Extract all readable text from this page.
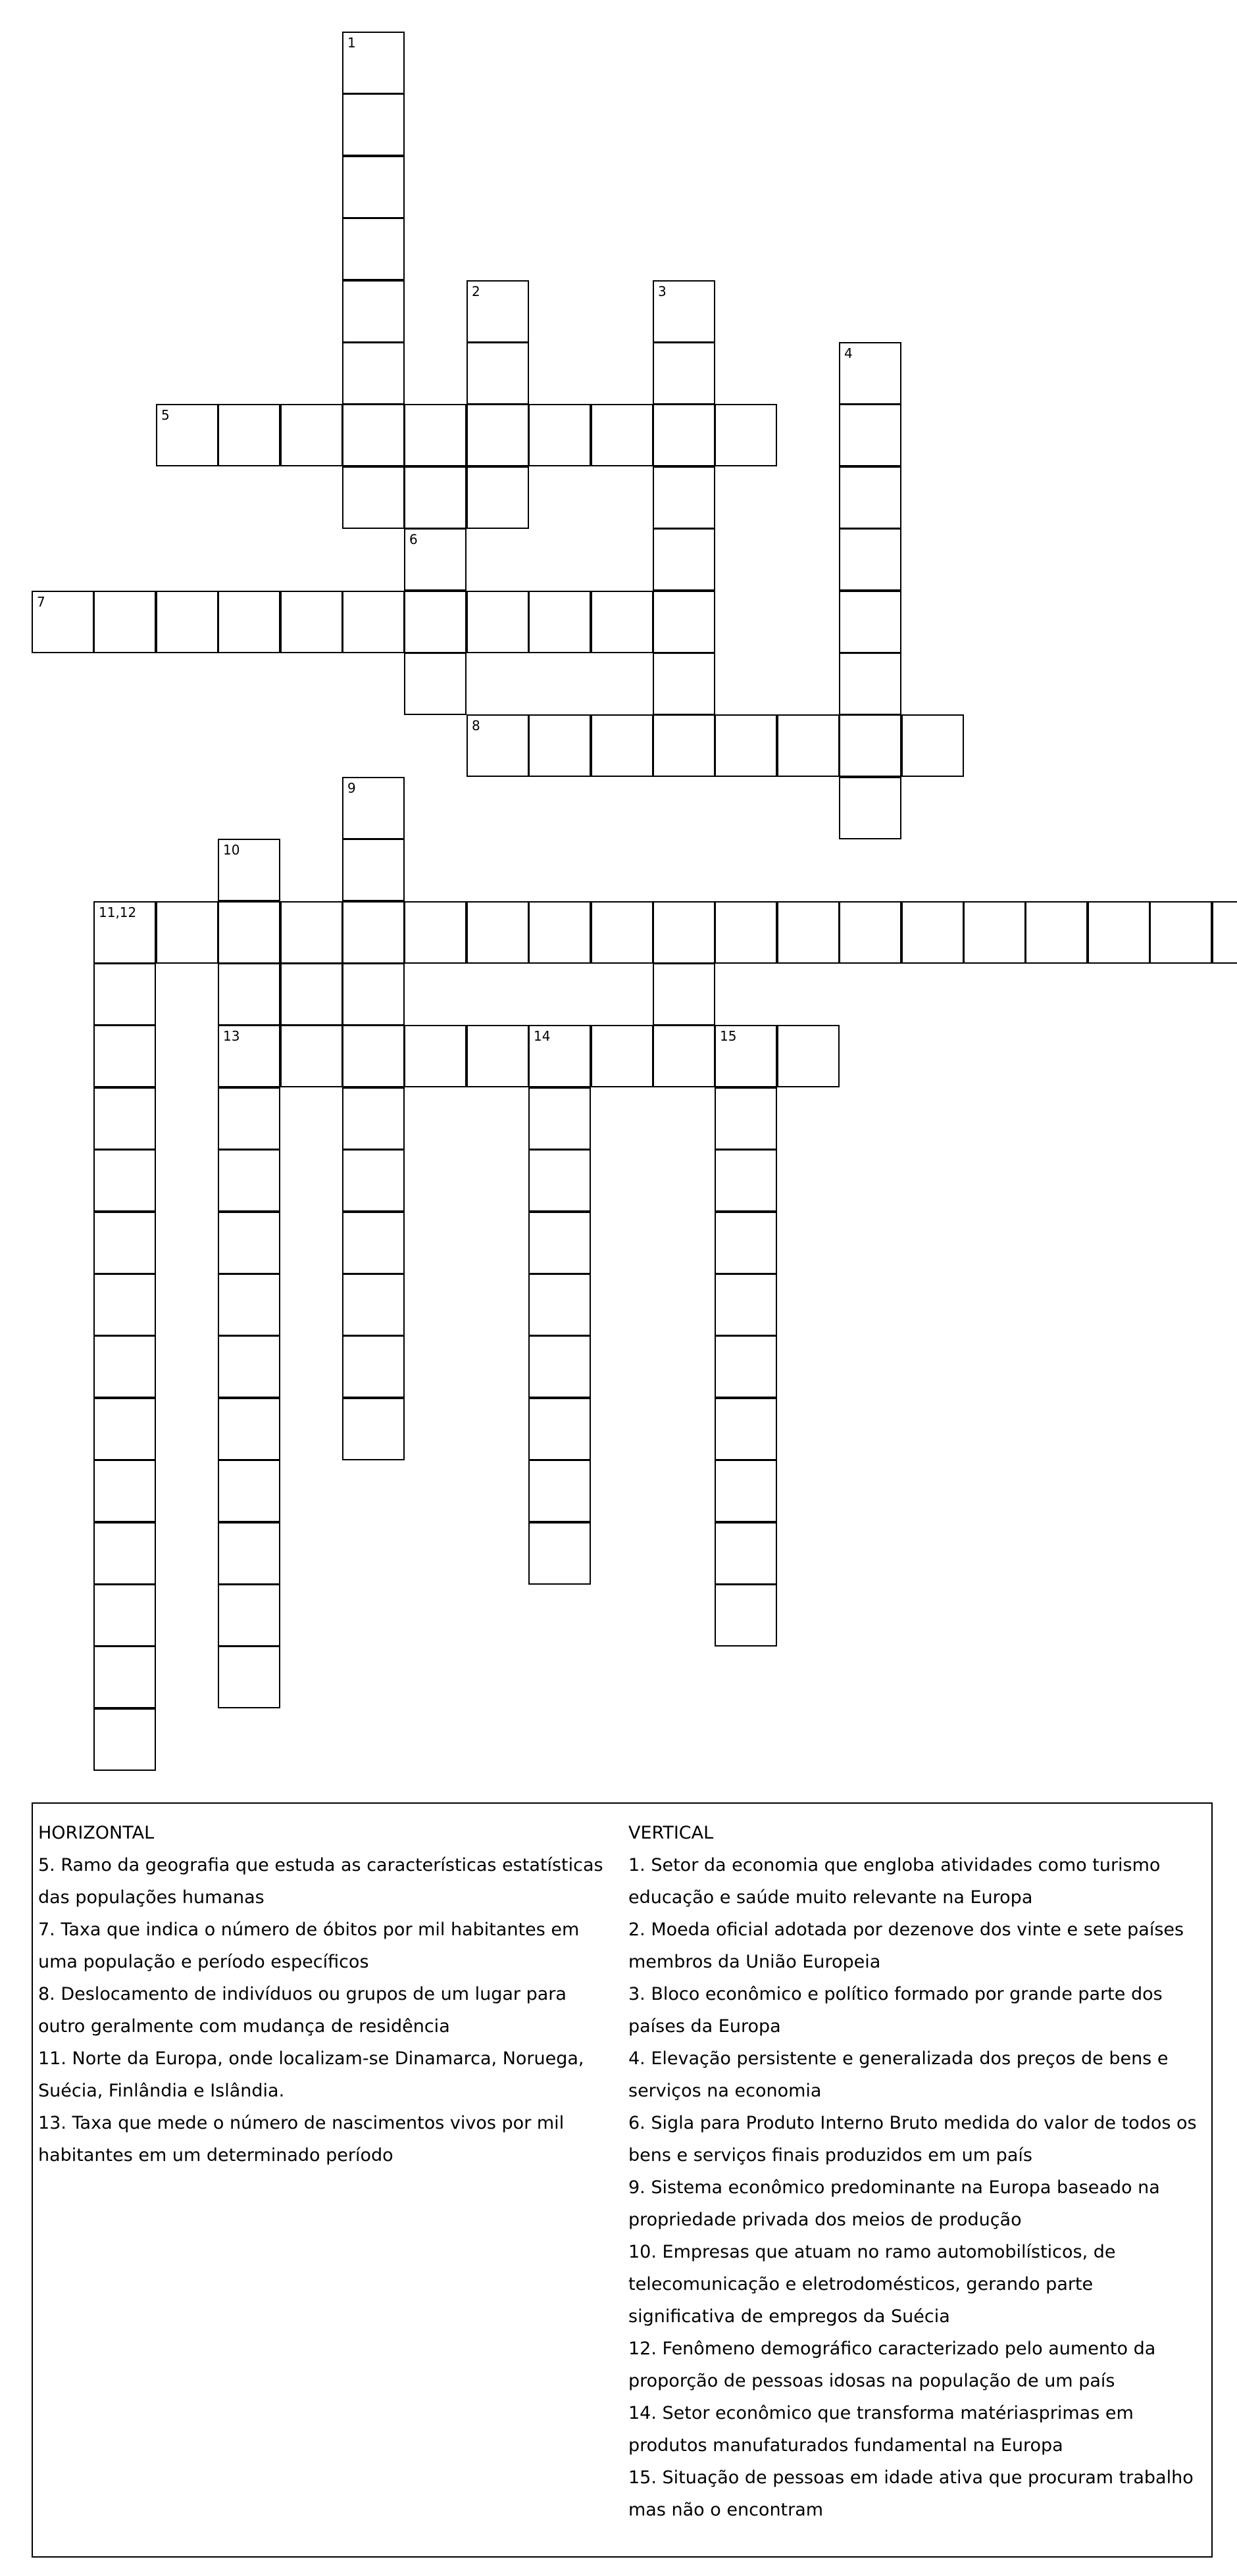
1
2	3
4
5
6
7
8
9
10
13
11,12
14	15
HORIZONTAL
5. Ramo da geografia que estuda as características estatísticas das populações humanas
7. Taxa que indica o número de óbitos por mil habitantes em uma população e período específicos
8. Deslocamento de indivíduos ou grupos de um lugar para outro geralmente com mudança de residência
11. Norte da Europa, onde localizam-se Dinamarca, Noruega, Suécia, Finlândia e Islândia.
13. Taxa que mede o número de nascimentos vivos por mil habitantes em um determinado período
VERTICAL
1. Setor da economia que engloba atividades como turismo educação e saúde muito relevante na Europa
2. Moeda oficial adotada por dezenove dos vinte e sete países membros da União Europeia
3. Bloco econômico e político formado por grande parte dos países da Europa
4. Elevação persistente e generalizada dos preços de bens e serviços na economia
6. Sigla para Produto Interno Bruto medida do valor de todos os bens e serviços finais produzidos em um país
9. Sistema econômico predominante na Europa baseado na propriedade privada dos meios de produção
10. Empresas que atuam no ramo automobilísticos, de telecomunicação e eletrodomésticos, gerando parte significativa de empregos da Suécia
12. Fenômeno demográfico caracterizado pelo aumento da proporção de pessoas idosas na população de um país
14. Setor econômico que transforma matériasprimas em produtos manufaturados fundamental na Europa
15. Situação de pessoas em idade ativa que procuram trabalho mas não o encontram
